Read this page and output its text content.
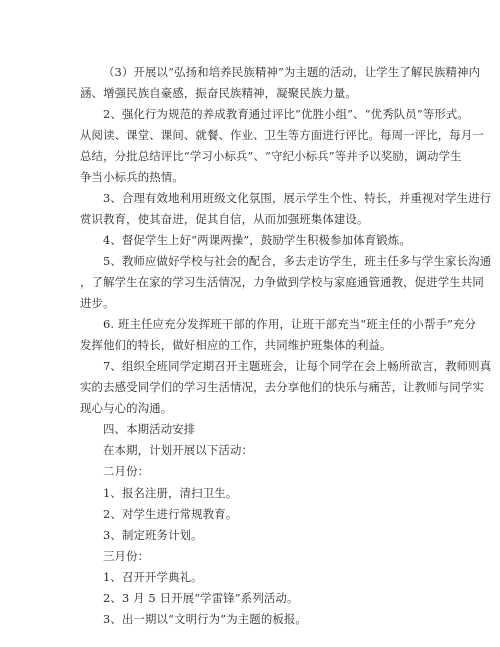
（3）开展以“弘扬和培养民族精神”为主题的活动，让学生了解民族精神内
涵、增强民族自豪感，振奋民族精神，凝聚民族力量。
2、强化行为规范的养成教育通过评比“优胜小组”、“优秀队员”等形式。
从阅读、课堂、课间、就餐、作业、卫生等方面进行评比。每周一评比，每月一
总结，分批总结评比“学习小标兵”、“守纪小标兵”等并予以奖励，调动学生
争当小标兵的热情。
3、合理有效地利用班级文化氛围，展示学生个性、特长，并重视对学生进行
赏识教育，使其奋进，促其自信，从而加强班集体建设。
4、督促学生上好“两课两操”，鼓励学生积极参加体育锻炼。
5、教师应做好学校与社会的配合，多去走访学生，班主任多与学生家长沟通
，了解学生在家的学习生活情况，力争做到学校与家庭通管通教，促进学生共同
进步。
6. 班主任应充分发挥班干部的作用，让班干部充当“班主任的小帮手”充分
发挥他们的特长，做好相应的工作，共同维护班集体的利益。
7、组织全班同学定期召开主题班会，让每个同学在会上畅所欲言，教师则真
实的去感受同学们的学习生活情况，去分享他们的快乐与痛苦，让教师与同学实
现心与心的沟通。
四、本期活动安排
在本期，计划开展以下活动：
二月份：
1、报名注册，清扫卫生。
2、对学生进行常规教育。
3、制定班务计划。
三月份：
1、召开开学典礼。
2、3 月 5 日开展“学雷锋”系列活动。
3、出一期以“文明行为”为主题的板报。
